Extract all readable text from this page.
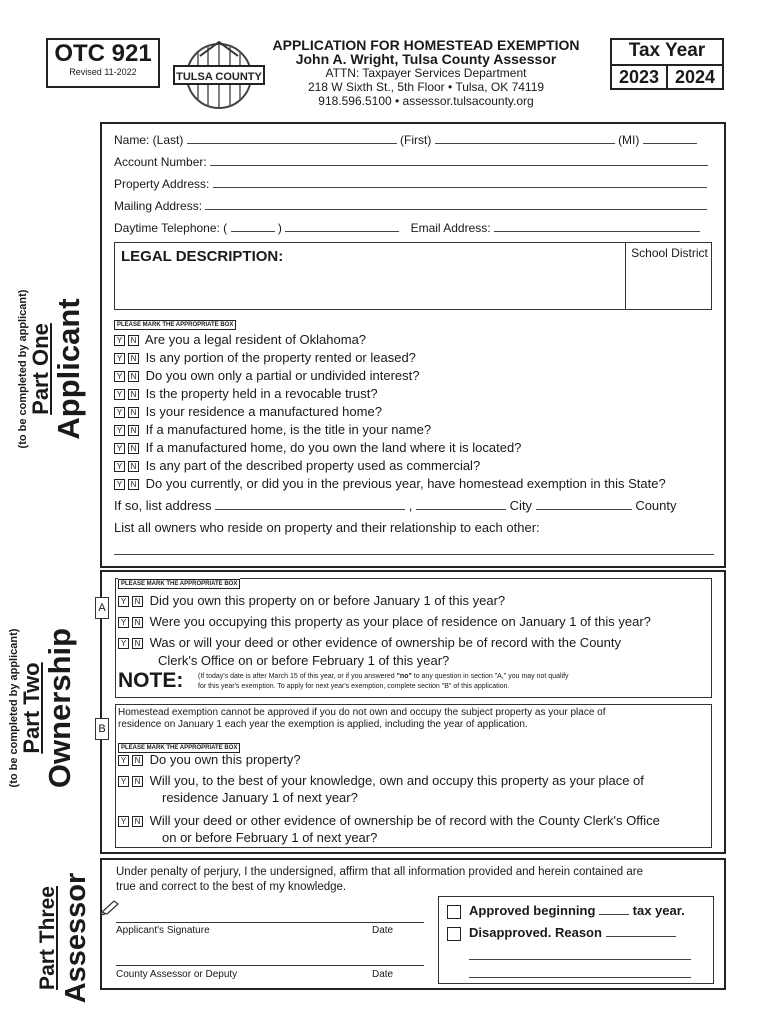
OTC 921
Revised 11-2022	TULSA COUNTY
APPLICATION FOR HOMESTEAD EXEMPTION
John A. Wright, Tulsa County Assessor
ATTN: Taxpayer Services Department
218 W Sixth St., 5th Floor • Tulsa, OK 74119
918.596.5100 • assessor.tulsacounty.org
Tax Year
2023 2024
(to be completed by applicant) Part One
Applicant
Name: (Last)	(First)	(MI)
Account Number:
Property Address:
Mailing Address:
Daytime Telephone: (	)	Email Address:
LEGAL DESCRIPTION:	School District
PLEASE MARK THE APPROPRIATE BOX
Y N Are you a legal resident of Oklahoma?
Y N Is any portion of the property rented or leased?
Y N Do you own only a partial or undivided interest?
Y N Is the property held in a revocable trust?
Y N Is your residence a manufactured home?
Y N If a manufactured home, is the title in your name?
Y N If a manufactured home, do you own the land where it is located?
Y N Is any part of the described property used as commercial?
Y N Do you currently, or did you in the previous year, have homestead exemption in this State?
If so, list address	,	City	County
List all owners who reside on property and their relationship to each other:
(to be completed by applicant) Part Two
Ownership
A
PLEASE MARK THE APPROPRIATE BOX
Y N Did you own this property on or before January 1 of this year?
Y N Were you occupying this property as your place of residence on January 1 of this year?
Y N Was or will your deed or other evidence of ownership be of record with the County
Clerk's Office on or before February 1 of this year?
NOTE: (If today's date is after March 15 of this year, or if you answered "no" to any question in section "A," you may not qualify
for this year's exemption. To apply for next year's exemption, complete section "B" of this application.
B
Homestead exemption cannot be approved if you do not own and occupy the subject property as your place of
residence on January 1 each year the exemption is applied, including the year of application.
PLEASE MARK THE APPROPRIATE BOX
Y N Do you own this property?
Y N Will you, to the best of your knowledge, own and occupy this property as your place of
residence January 1 of next year?
Y N Will your deed or other evidence of ownership be of record with the County Clerk's Office
on or before February 1 of next year?
Part Three Assessor
Under penalty of perjury, I the undersigned, affirm that all information provided and herein contained are
true and correct to the best of my knowledge.
Applicant's Signature	Date
County Assessor or Deputy	Date
Approved beginning	tax year.
Disapproved. Reason
